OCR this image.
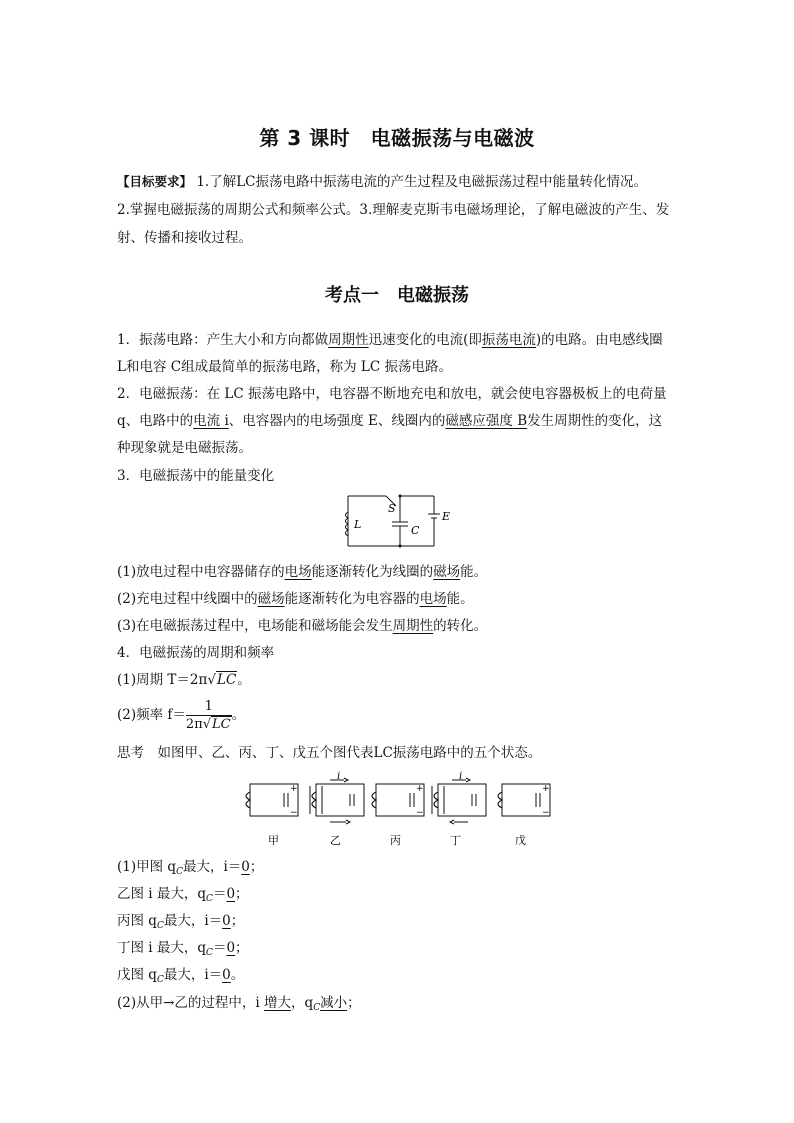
第 3 课时　电磁振荡与电磁波
【目标要求】 1.了解LC振荡电路中振荡电流的产生过程及电磁振荡过程中能量转化情况。
2.掌握电磁振荡的周期公式和频率公式。3.理解麦克斯韦电磁场理论，了解电磁波的产生、发
射、传播和接收过程。
考点一　电磁振荡
1．振荡电路：产生大小和方向都做周期性迅速变化的电流(即振荡电流)的电路。由电感线圈
L和电容 C组成最简单的振荡电路，称为 LC 振荡电路。
2．电磁振荡：在 LC 振荡电路中，电容器不断地充电和放电，就会使电容器极板上的电荷量
q、电路中的电流 i、电容器内的电场强度 E、线圈内的磁感应强度 B发生周期性的变化，这
种现象就是电磁振荡。
3．电磁振荡中的能量变化
L
S
C
E
(1)放电过程中电容器储存的电场能逐渐转化为线圈的磁场能。
(2)充电过程中线圈中的磁场能逐渐转化为电容器的电场能。
(3)在电磁振荡过程中，电场能和磁场能会发生周期性的转化。
4．电磁振荡的周期和频率
(1)周期 T＝2π√LC。
(2)频率 $f= \frac{1}{2\pi√LC}$ 。
思考　如图甲、乙、丙、丁、戊五个图代表LC振荡电路中的五个状态。
+
−
+
−
+
−
i	i
甲	乙	丙	丁	戊
(1)甲图 $q_C$最大，i＝0；
乙图 i 最大，$q_C=0$；
丙图 $q_C$最大，i＝0；
丁图 i 最大，$q_C=0$；
戊图 $q_C$最大，i＝0。
(2)从甲→乙的过程中，i 增大，$q_C$减小；
